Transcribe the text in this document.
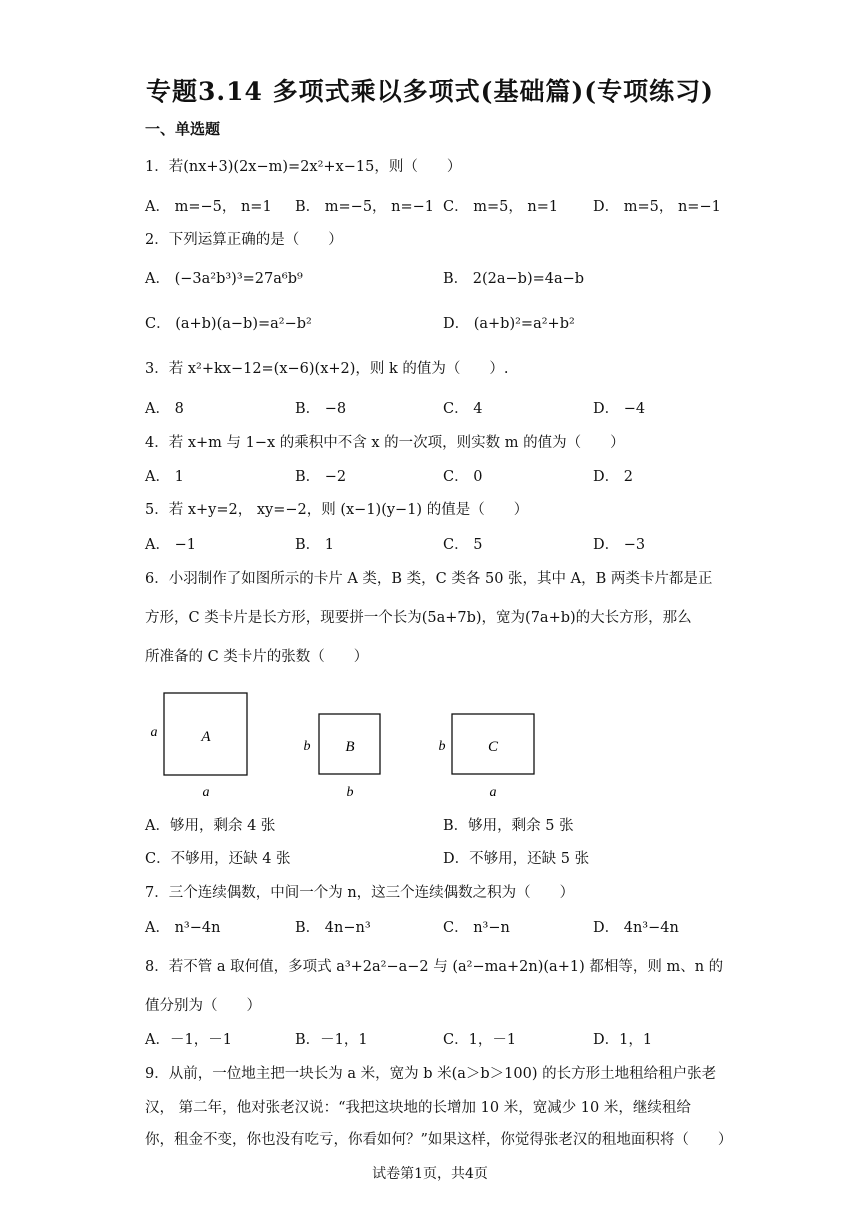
专题3.14 多项式乘以多项式(基础篇)(专项练习)
一、单选题
1．若(nx+3)(2x−m)=2x²+x−15，则（　　）
A． m=−5， n=1 B． m=−5， n=−1 C． m=5， n=1 D． m=5， n=−1
2．下列运算正确的是（　　）
A． (−3a²b³)³=27a⁶b⁹	B． 2(2a−b)=4a−b
C． (a+b)(a−b)=a²−b²	D． (a+b)²=a²+b²
3．若 x²+kx−12=(x−6)(x+2)，则 k 的值为（　　）.
A． 8	B． −8	C． 4	D． −4
4．若 x+m 与 1−x 的乘积中不含 x 的一次项，则实数 m 的值为（　　）
A． 1	B． −2	C． 0	D． 2
5．若 x+y=2， xy=−2，则 (x−1)(y−1) 的值是（　　）
A． −1	B． 1	C． 5	D． −3
6．小羽制作了如图所示的卡片 A 类，B 类，C 类各 50 张，其中 A，B 两类卡片都是正
方形，C 类卡片是长方形，现要拼一个长为(5a+7b)，宽为(7a+b)的大长方形，那么
所准备的 C 类卡片的张数（　　）
A
a
a
B
b
b
C
b
a
A．够用，剩余 4 张	B．够用，剩余 5 张
C．不够用，还缺 4 张	D．不够用，还缺 5 张
7．三个连续偶数，中间一个为 n，这三个连续偶数之积为（　　）
A． n³−4n	B． 4n−n³	C． n³−n	D． 4n³−4n
8．若不管 a 取何值，多项式 a³+2a²−a−2 与 (a²−ma+2n)(a+1) 都相等，则 m、n 的
值分别为（　　）
A．－1，－1	B．－1，1	C．1，－1	D．1，1
9．从前，一位地主把一块长为 a 米，宽为 b 米(a＞b＞100) 的长方形土地租给租户张老
汉， 第二年，他对张老汉说：“我把这块地的长增加 10 米，宽减少 10 米，继续租给
你，租金不变，你也没有吃亏，你看如何？”如果这样，你觉得张老汉的租地面积将（　　）
试卷第1页，共4页
